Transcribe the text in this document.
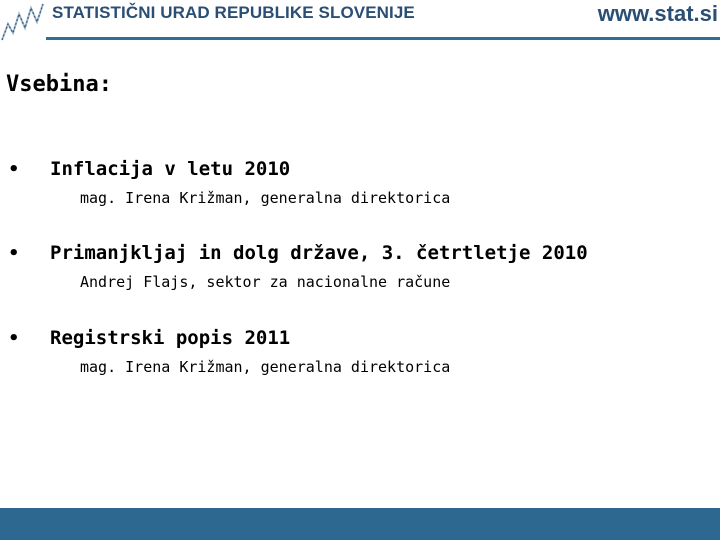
STATISTIČNI URAD REPUBLIKE SLOVENIJE	www.stat.si
Vsebina:
• Inflacija v letu 2010
mag. Irena Križman, generalna direktorica
• Primanjkljaj in dolg države, 3. četrtletje 2010
Andrej Flajs, sektor za nacionalne račune
• Registrski popis 2011
mag. Irena Križman, generalna direktorica
